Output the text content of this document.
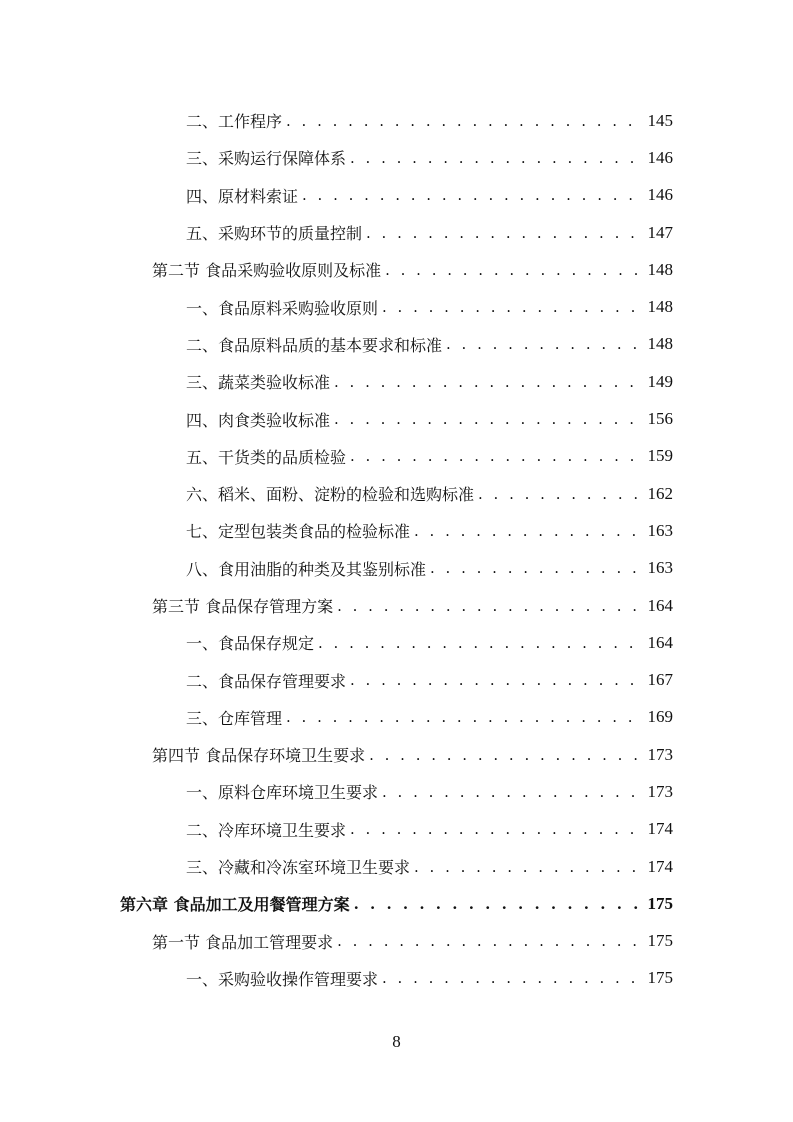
二、工作程序 . . .	145
三、采购运行保障体系 . . .	146
四、原材料索证 . . .	146
五、采购环节的质量控制 . . .	147
第二节 食品采购验收原则及标准 . . .	148
一、食品原料采购验收原则 . . .	148
二、食品原料品质的基本要求和标准 . . .	148
三、蔬菜类验收标准 . . .	149
四、肉食类验收标准 . . .	156
五、干货类的品质检验 . . .	159
六、稻米、面粉、淀粉的检验和选购标准 . . .	162
七、定型包装类食品的检验标准 . . .	163
八、食用油脂的种类及其鉴别标准 . . .	163
第三节 食品保存管理方案 . . .	164
一、食品保存规定 . . .	164
二、食品保存管理要求 . . .	167
三、仓库管理 . . .	169
第四节 食品保存环境卫生要求 . . .	173
一、原料仓库环境卫生要求 . . .	173
二、冷库环境卫生要求 . . .	174
三、冷藏和冷冻室环境卫生要求 . . .	174
第六章 食品加工及用餐管理方案 . . .	175
第一节 食品加工管理要求 . . .	175
一、采购验收操作管理要求 . . .	175
8
